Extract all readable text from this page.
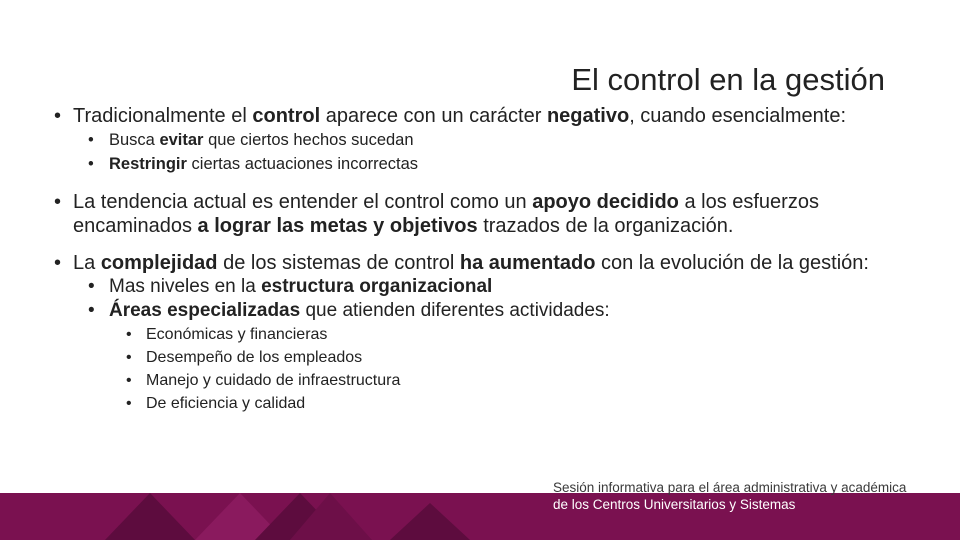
El control en la gestión
• Tradicionalmente el control aparece con un carácter negativo, cuando esencialmente:
• Busca evitar que ciertos hechos sucedan
• Restringir ciertas actuaciones incorrectas
• La tendencia actual es entender el control como un apoyo decidido a los esfuerzos encaminados a lograr las metas y objetivos trazados de la organización.
• La complejidad de los sistemas de control ha aumentado con la evolución de la gestión:
• Mas niveles en la estructura organizacional
• Áreas especializadas que atienden diferentes actividades:
• Económicas y financieras
• Desempeño de los empleados
• Manejo y cuidado de infraestructura
• De eficiencia y calidad
Sesión informativa para el área administrativa y académica
de los Centros Universitarios y Sistemas
